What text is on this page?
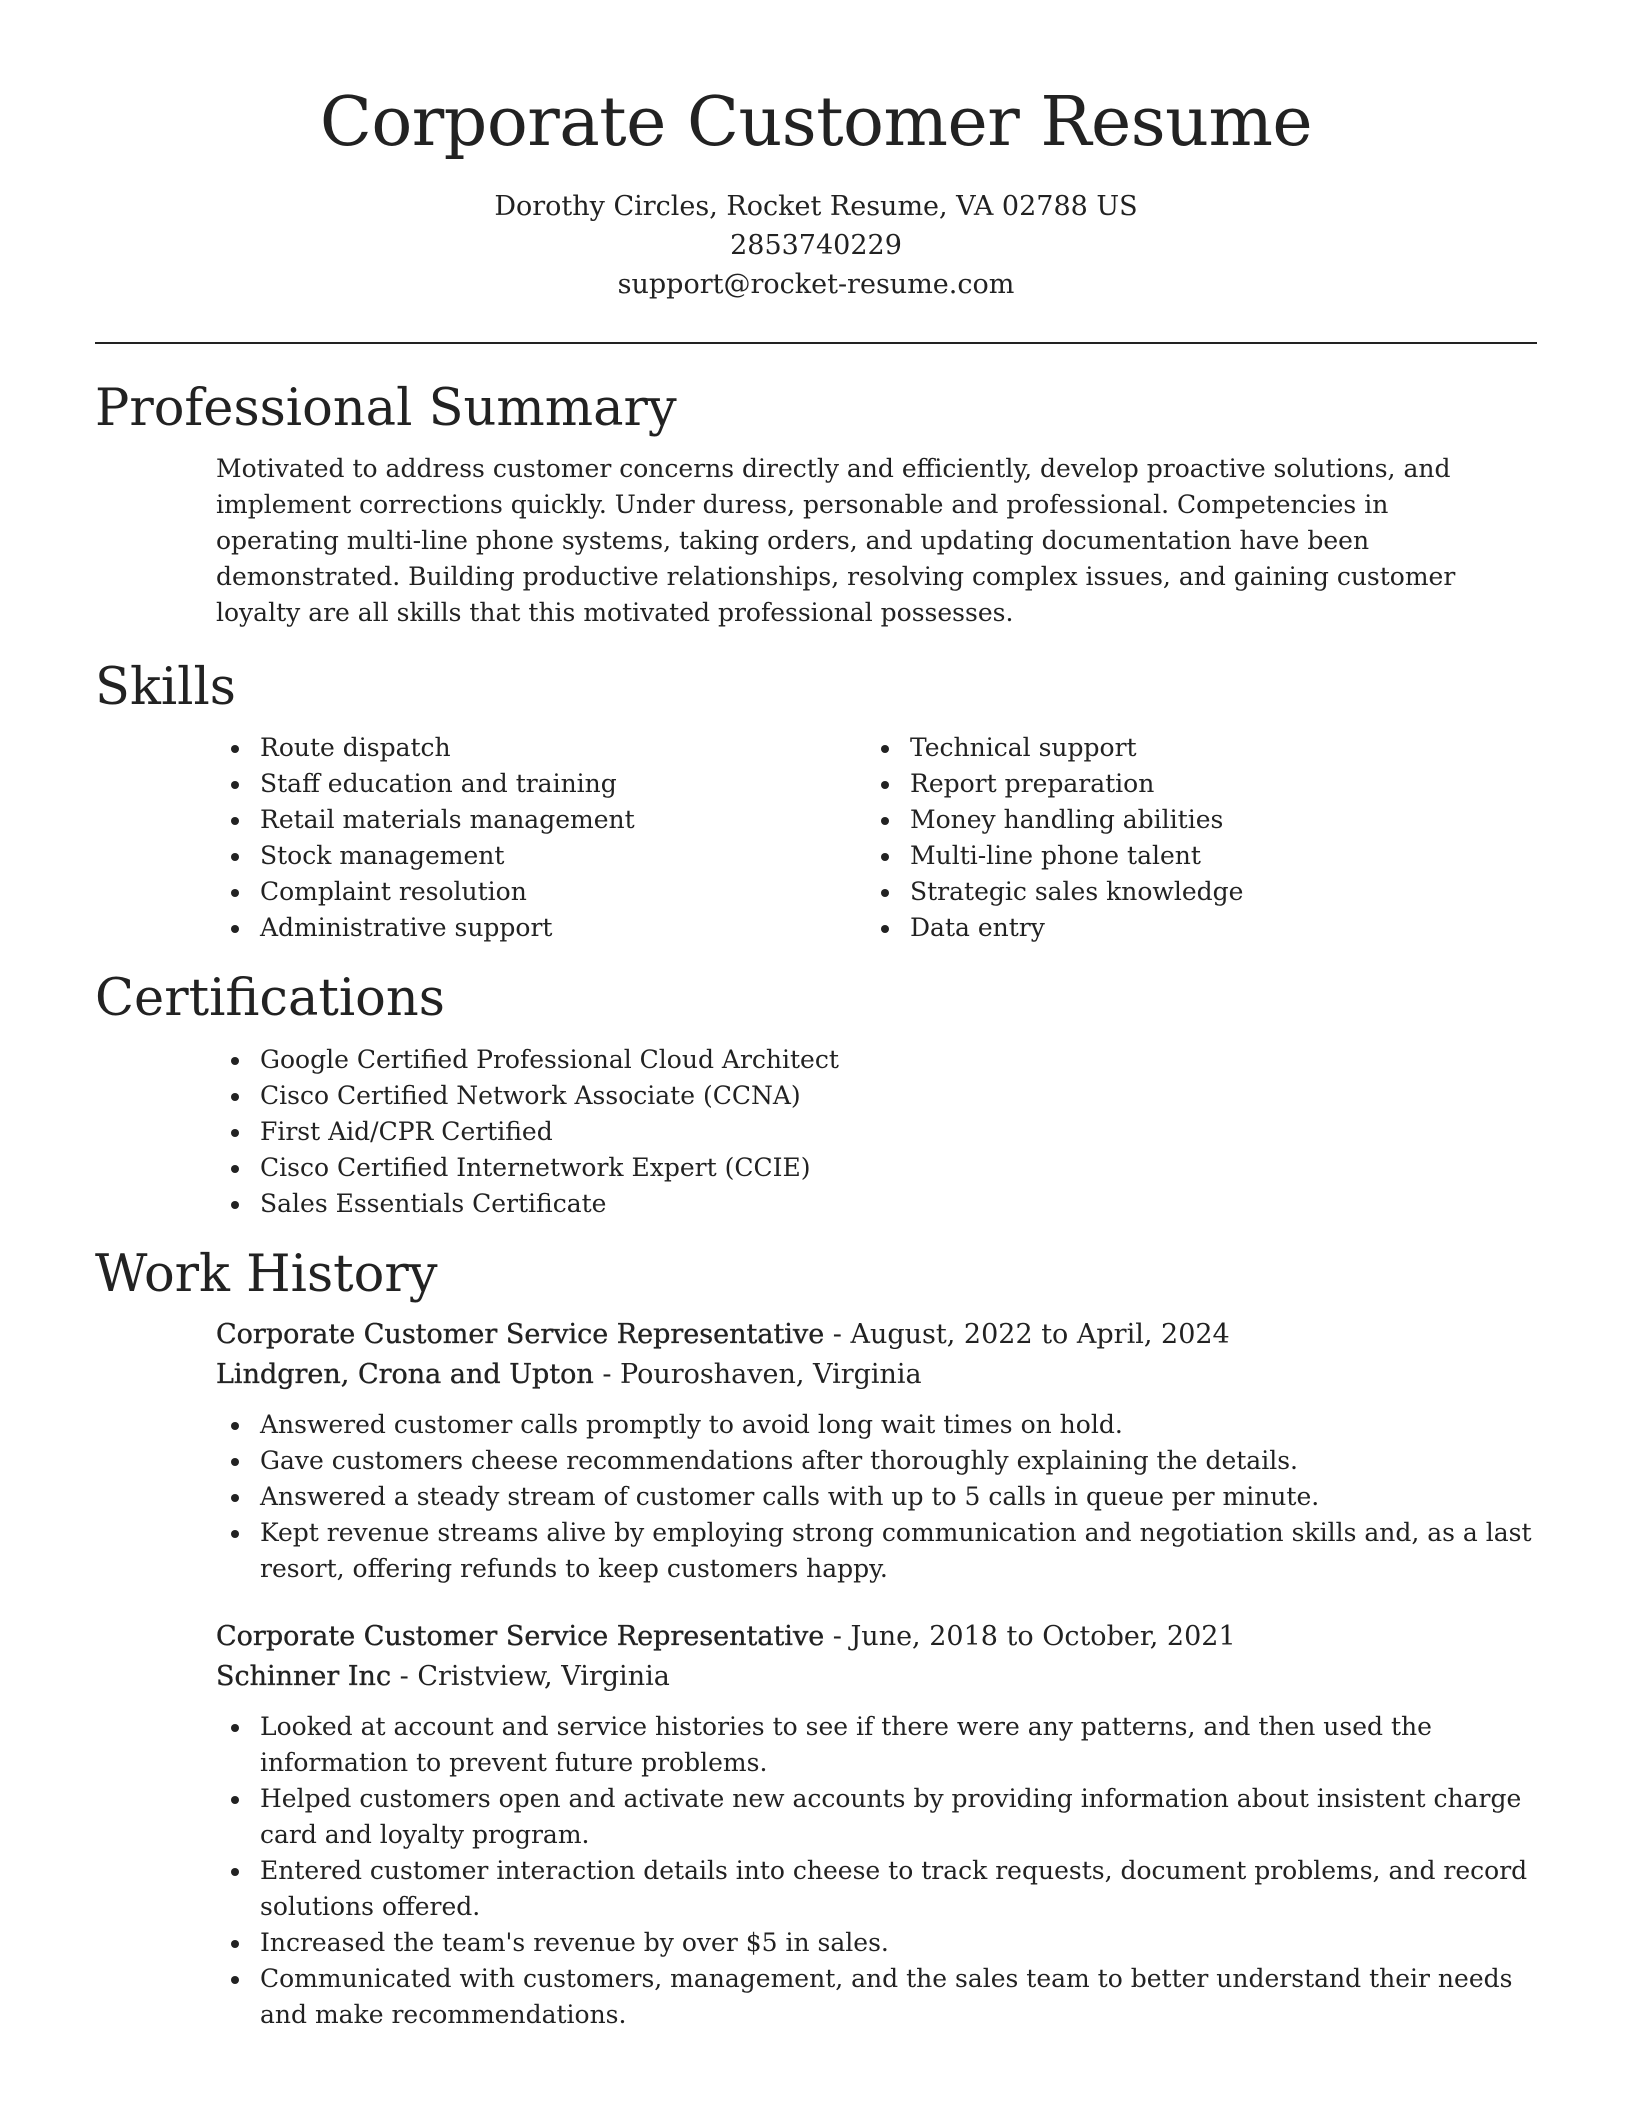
Corporate Customer Resume
Dorothy Circles, Rocket Resume, VA 02788 US
2853740229
support@rocket-resume.com
Professional Summary

Motivated to address customer concerns directly and efficiently, develop proactive solutions, and implement corrections quickly. Under duress, personable and professional. Competencies in operating multi-line phone systems, taking orders, and updating documentation have been demonstrated. Building productive relationships, resolving complex issues, and gaining customer loyalty are all skills that this motivated professional possesses.

Skills
Route dispatch
Staff education and training
Retail materials management
Stock management
Complaint resolution
Administrative support
Technical support
Report preparation
Money handling abilities
Multi-line phone talent
Strategic sales knowledge
Data entry
Certifications
Google Certified Professional Cloud Architect
Cisco Certified Network Associate (CCNA)
First Aid/CPR Certified
Cisco Certified Internetwork Expert (CCIE)
Sales Essentials Certificate
Work History
Corporate Customer Service Representative - August, 2022 to April, 2024
Lindgren, Crona and Upton - Pouroshaven, Virginia
Answered customer calls promptly to avoid long wait times on hold.
Gave customers cheese recommendations after thoroughly explaining the details.
Answered a steady stream of customer calls with up to 5 calls in queue per minute.
Kept revenue streams alive by employing strong communication and negotiation skills and, as a last resort, offering refunds to keep customers happy.
Corporate Customer Service Representative - June, 2018 to October, 2021
Schinner Inc - Cristview, Virginia
Looked at account and service histories to see if there were any patterns, and then used the information to prevent future problems.
Helped customers open and activate new accounts by providing information about insistent charge card and loyalty program.
Entered customer interaction details into cheese to track requests, document problems, and record solutions offered.
Increased the team's revenue by over $5 in sales.
Communicated with customers, management, and the sales team to better understand their needs and make recommendations.
